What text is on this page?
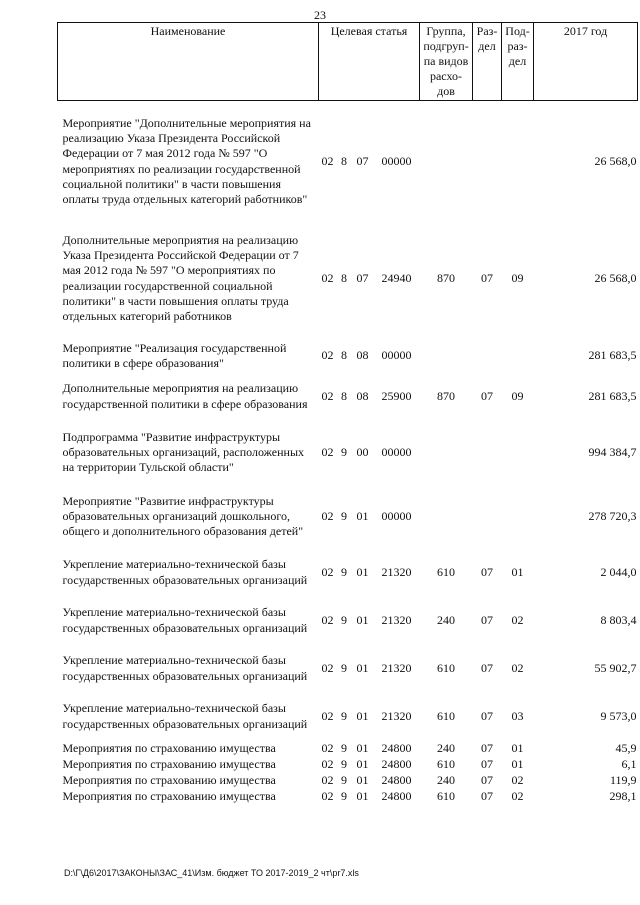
23
Наименование	Целевая статья				Группа, подгруп- па видов расхо- дов	Раз- дел	Под- раз- дел	2017 год
Мероприятие "Дополнительные мероприятия на реализацию Указа Президента Российской Федерации от 7 мая 2012 года № 597 "О мероприятиях по реализации государственной социальной политики" в части повышения оплаты труда отдельных категорий работников"	02	8	07	00000				26 568,0
Дополнительные мероприятия на реализацию Указа Президента Российской Федерации от 7 мая 2012 года № 597 "О мероприятиях по реализации государственной социальной политики" в части повышения оплаты труда отдельных категорий работников	02	8	07	24940	870	07	09	26 568,0
Мероприятие "Реализация государственной политики в сфере образования"	02	8	08	00000				281 683,5
Дополнительные мероприятия на реализацию государственной политики в сфере образования	02	8	08	25900	870	07	09	281 683,5
Подпрограмма "Развитие инфраструктуры образовательных организаций, расположенных на территории Тульской области"	02	9	00	00000				994 384,7
Мероприятие "Развитие инфраструктуры образовательных организаций дошкольного, общего и дополнительного образования детей"	02	9	01	00000				278 720,3
Укрепление материально-технической базы государственных образовательных организаций	02	9	01	21320	610	07	01	2 044,0
Укрепление материально-технической базы государственных образовательных организаций	02	9	01	21320	240	07	02	8 803,4
Укрепление материально-технической базы государственных образовательных организаций	02	9	01	21320	610	07	02	55 902,7
Укрепление материально-технической базы государственных образовательных организаций	02	9	01	21320	610	07	03	9 573,0
Мероприятия по страхованию имущества	02	9	01	24800	240	07	01	45,9
Мероприятия по страхованию имущества	02	9	01	24800	610	07	01	6,1
Мероприятия по страхованию имущества	02	9	01	24800	240	07	02	119,9
Мероприятия по страхованию имущества	02	9	01	24800	610	07	02	298,1
D:\Г\Д6\2017\ЗАКОНЫ\ЗАС_41\Изм. бюджет ТО 2017-2019_2 чт\pr7.xls
